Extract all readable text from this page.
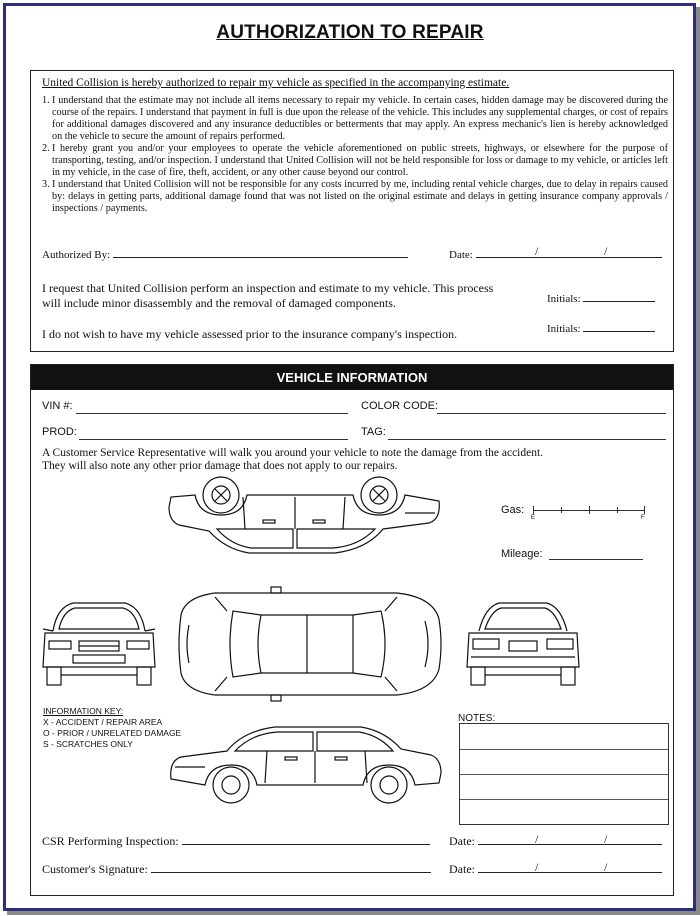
AUTHORIZATION TO REPAIR
United Collision is hereby authorized to repair my vehicle as specified in the accompanying estimate.
1. I understand that the estimate may not include all items necessary to repair my vehicle. In certain cases, hidden damage may be discovered during the course of the repairs. I understand that payment in full is due upon the release of the vehicle. This includes any supplemental charges, or cost of repairs for additional damages discovered and any insurance deductibles or betterments that may apply. An express mechanic's lien is hereby acknowledged on the vehicle to secure the amount of repairs performed.
2. I hereby grant you and/or your employees to operate the vehicle aforementioned on public streets, highways, or elsewhere for the purpose of transporting, testing, and/or inspection. I understand that United Collision will not be held responsible for loss or damage to my vehicle, or articles left in my vehicle, in the case of fire, theft, accident, or any other cause beyond our control.
3. I understand that United Collision will not be responsible for any costs incurred by me, including rental vehicle charges, due to delay in repairs caused by: delays in getting parts, additional damage found that was not listed on the original estimate and delays in getting insurance company approvals / inspections / payments.
Authorized By:	Date:	/	/
I request that United Collision perform an inspection and estimate to my vehicle. This process will include minor disassembly and the removal of damaged components.	Initials:
I do not wish to have my vehicle assessed prior to the insurance company's inspection.	Initials:
VEHICLE INFORMATION
VIN #:	COLOR CODE:
PROD:	TAG:
A Customer Service Representative will walk you around your vehicle to note the damage from the accident.
They will also note any other prior damage that does not apply to our repairs.
Gas:
E	F
Mileage:
INFORMATION KEY:
X - ACCIDENT / REPAIR AREA
O - PRIOR / UNRELATED DAMAGE
S - SCRATCHES ONLY
NOTES:
CSR Performing Inspection:	Date:	/	/
Customer's Signature:	Date:	/	/
